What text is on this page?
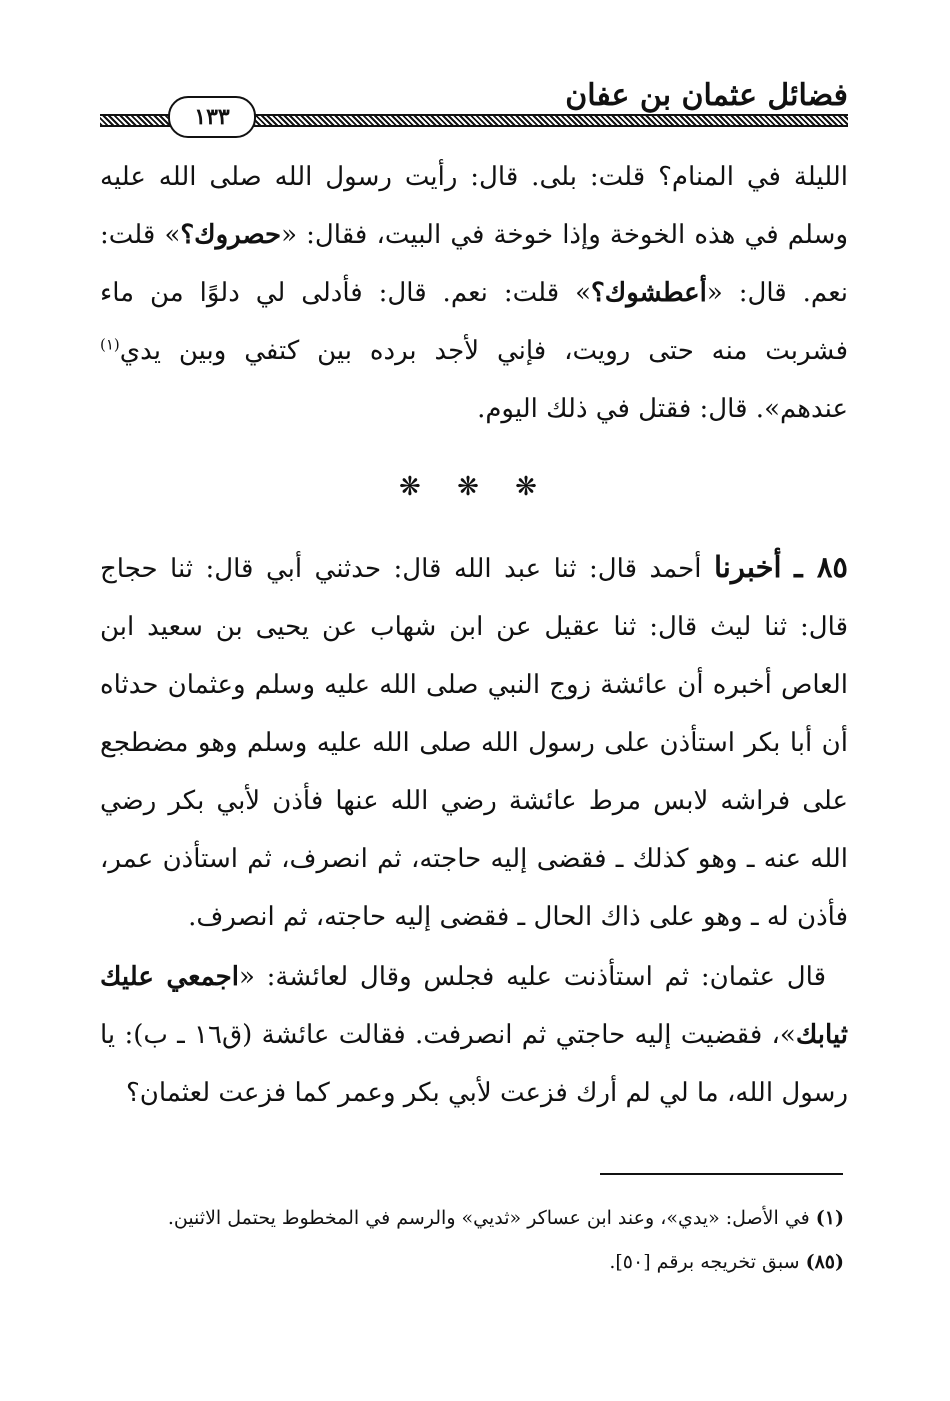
فضائل عثمان بن عفان
١٣٣
الليلة في المنام؟ قلت: بلى. قال: رأيت رسول الله صلى الله عليه وسلم في هذه الخوخة وإذا خوخة في البيت، فقال: «حصروك؟» قلت: نعم. قال: «أعطشوك؟» قلت: نعم. قال: فأدلى لي دلوًا من ماء فشربت منه حتى رويت، فإني لأجد برده بين كتفي وبين يدي$^{(١)}$ عندهم». قال: فقتل في ذلك اليوم.
❋ ❋ ❋
٨٥ ـ أخبرنا أحمد قال: ثنا عبد الله قال: حدثني أبي قال: ثنا حجاج قال: ثنا ليث قال: ثنا عقيل عن ابن شهاب عن يحيى بن سعيد ابن العاص أخبره أن عائشة زوج النبي صلى الله عليه وسلم وعثمان حدثاه أن أبا بكر استأذن على رسول الله صلى الله عليه وسلم وهو مضطجع على فراشه لابس مرط عائشة رضي الله عنها فأذن لأبي بكر رضي الله عنه ـ وهو كذلك ـ فقضى إليه حاجته، ثم انصرف، ثم استأذن عمر، فأذن له ـ وهو على ذاك الحال ـ فقضى إليه حاجته، ثم انصرف.
قال عثمان: ثم استأذنت عليه فجلس وقال لعائشة: «اجمعي عليك ثيابك»، فقضيت إليه حاجتي ثم انصرفت. فقالت عائشة (ق١٦ ـ ب): يا رسول الله، ما لي لم أرك فزعت لأبي بكر وعمر كما فزعت لعثمان؟
(١) في الأصل: «يدي»، وعند ابن عساكر «ثديي» والرسم في المخطوط يحتمل الاثنين.
(٨٥) سبق تخريجه برقم [٥٠].
